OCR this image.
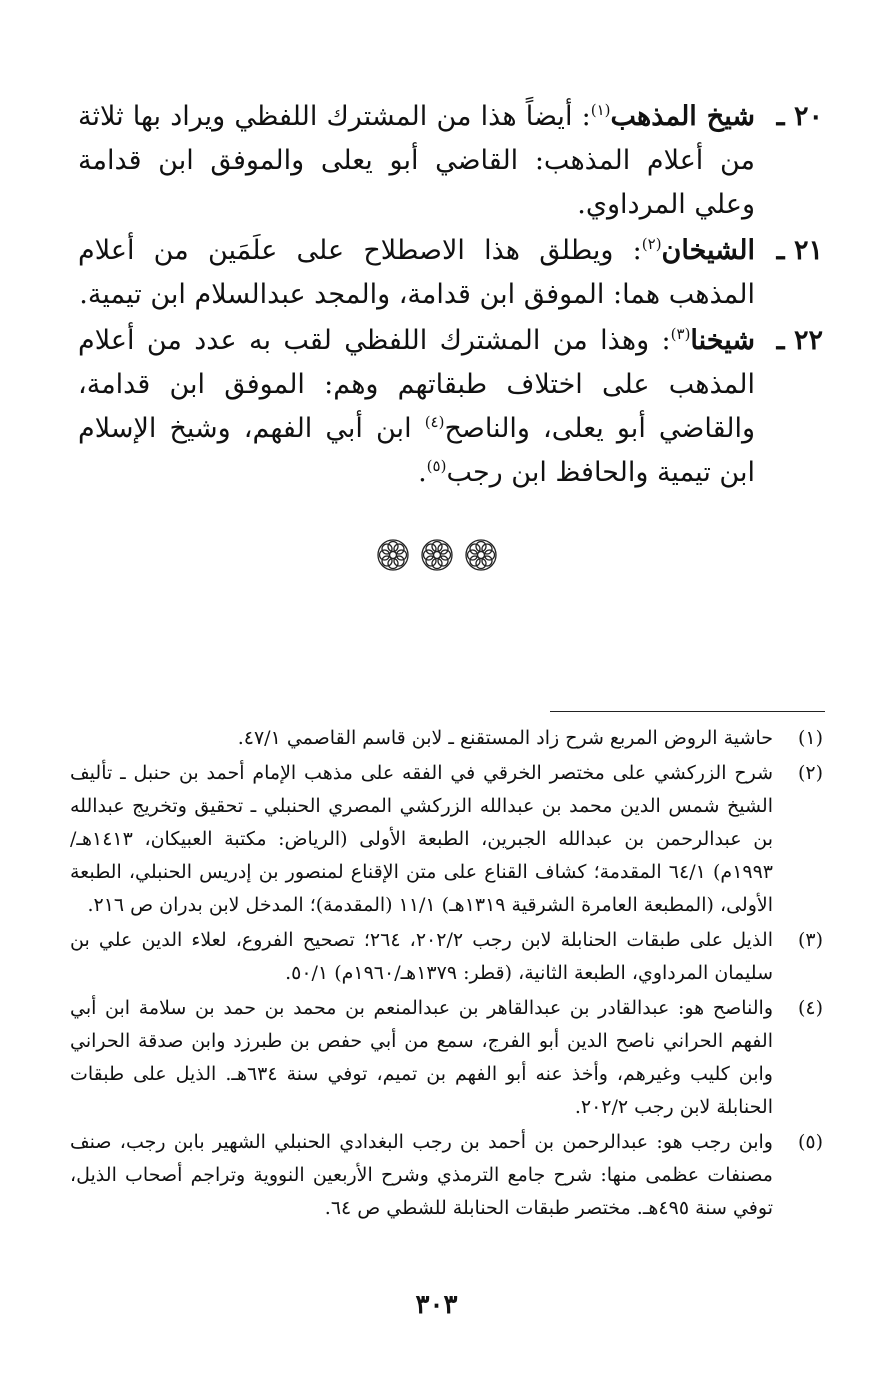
٢٠ ـ
شيخ المذهب$^{(١)}$: أيضاً هذا من المشترك اللفظي ويراد بها ثلاثة من أعلام المذهب: القاضي أبو يعلى والموفق ابن قدامة وعلي المرداوي.
٢١ ـ
الشيخان$^{(٢)}$: ويطلق هذا الاصطلاح على علَمَين من أعلام المذهب هما: الموفق ابن قدامة، والمجد عبدالسلام ابن تيمية.
٢٢ ـ
شيخنا$^{(٣)}$: وهذا من المشترك اللفظي لقب به عدد من أعلام المذهب على اختلاف طبقاتهم وهم: الموفق ابن قدامة، والقاضي أبو يعلى، والناصح$^{(٤)}$ ابن أبي الفهم، وشيخ الإسلام ابن تيمية والحافظ ابن رجب$^{(٥)}$.
(١)
حاشية الروض المربع شرح زاد المستقنع ـ لابن قاسم القاصمي ٤٧/١.
(٢)
شرح الزركشي على مختصر الخرقي في الفقه على مذهب الإمام أحمد بن حنبل ـ تأليف الشيخ شمس الدين محمد بن عبدالله الزركشي المصري الحنبلي ـ تحقيق وتخريج عبدالله بن عبدالرحمن بن عبدالله الجبرين، الطبعة الأولى (الرياض: مكتبة العبيكان، ١٤١٣هـ/١٩٩٣م) ٦٤/١ المقدمة؛ كشاف القناع على متن الإقناع لمنصور بن إدريس الحنبلي، الطبعة الأولى، (المطبعة العامرة الشرقية ١٣١٩هـ) ١١/١ (المقدمة)؛ المدخل لابن بدران ص ٢١٦.
(٣)
الذيل على طبقات الحنابلة لابن رجب ٢٠٢/٢، ٢٦٤؛ تصحيح الفروع، لعلاء الدين علي بن سليمان المرداوي، الطبعة الثانية، (قطر: ١٣٧٩هـ/١٩٦٠م) ٥٠/١.
(٤)
والناصح هو: عبدالقادر بن عبدالقاهر بن عبدالمنعم بن محمد بن حمد بن سلامة ابن أبي الفهم الحراني ناصح الدين أبو الفرج، سمع من أبي حفص بن طبرزد وابن صدقة الحراني وابن كليب وغيرهم، وأخذ عنه أبو الفهم بن تميم، توفي سنة ٦٣٤هـ. الذيل على طبقات الحنابلة لابن رجب ٢٠٢/٢.
(٥)
وابن رجب هو: عبدالرحمن بن أحمد بن رجب البغدادي الحنبلي الشهير بابن رجب، صنف مصنفات عظمى منها: شرح جامع الترمذي وشرح الأربعين النووية وتراجم أصحاب الذيل، توفي سنة ٤٩٥هـ. مختصر طبقات الحنابلة للشطي ص ٦٤.
٣٠٣
